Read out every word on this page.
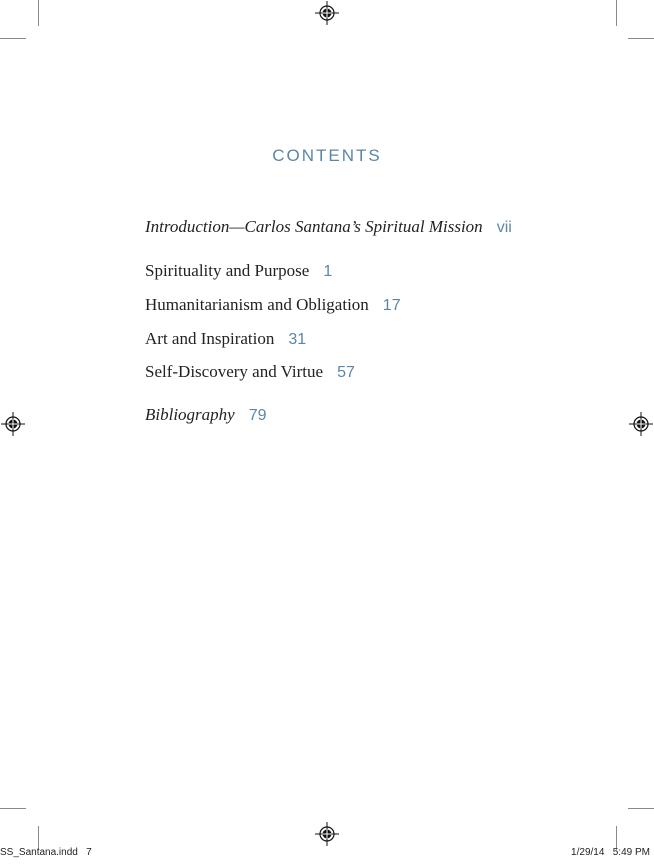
CONTENTS
Introduction—Carlos Santana’s Spiritual Mission vii
Spirituality and Purpose 1
Humanitarianism and Obligation 17
Art and Inspiration 31
Self-Discovery and Virtue 57
Bibliography 79
SS_Santana.indd   7	1/29/14   5:49 PM
